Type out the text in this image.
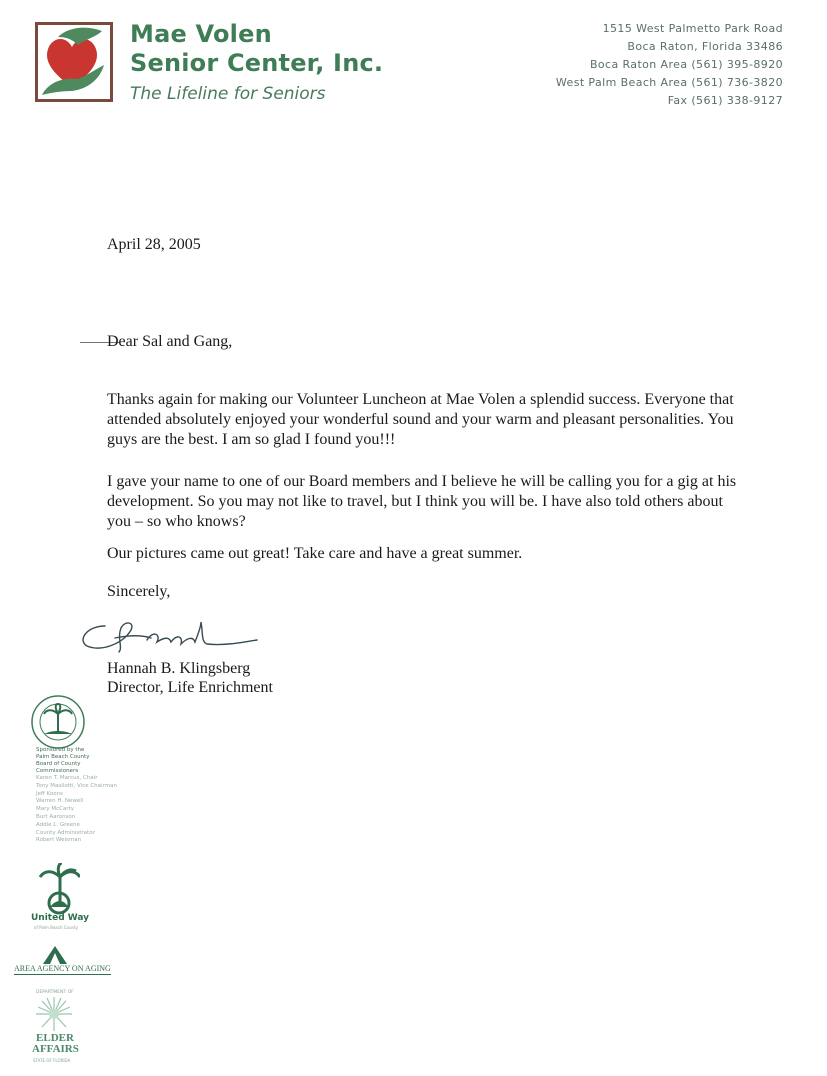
Mae Volen
Senior Center, Inc.
The Lifeline for Seniors
1515 West Palmetto Park Road
Boca Raton, Florida 33486
Boca Raton Area (561) 395-8920
West Palm Beach Area (561) 736-3820
Fax (561) 338-9127
April 28, 2005
Dear Sal and Gang,
Thanks again for making our Volunteer Luncheon at Mae Volen a splendid success. Everyone that attended absolutely enjoyed your wonderful sound and your warm and pleasant personalities. You guys are the best. I am so glad I found you!!!
I gave your name to one of our Board members and I believe he will be calling you for a gig at his development. So you may not like to travel, but I think you will be. I have also told others about you – so who knows?
Our pictures came out great! Take care and have a great summer.
Sincerely,
Hannah B. Klingsberg
Director, Life Enrichment
Sponsored by the
Palm Beach County
Board of County
Commissioners
Karen T. Marcus, Chair
Tony Masilotti, Vice Chairman
Jeff Koons
Warren H. Newell
Mary McCarty
Burt Aaronson
Addie L. Greene
County Administrator
Robert Weisman
United Way
of Palm Beach County
AREA AGENCY ON AGING
DEPARTMENT OF
ELDER
AFFAIRS
STATE OF FLORIDA
